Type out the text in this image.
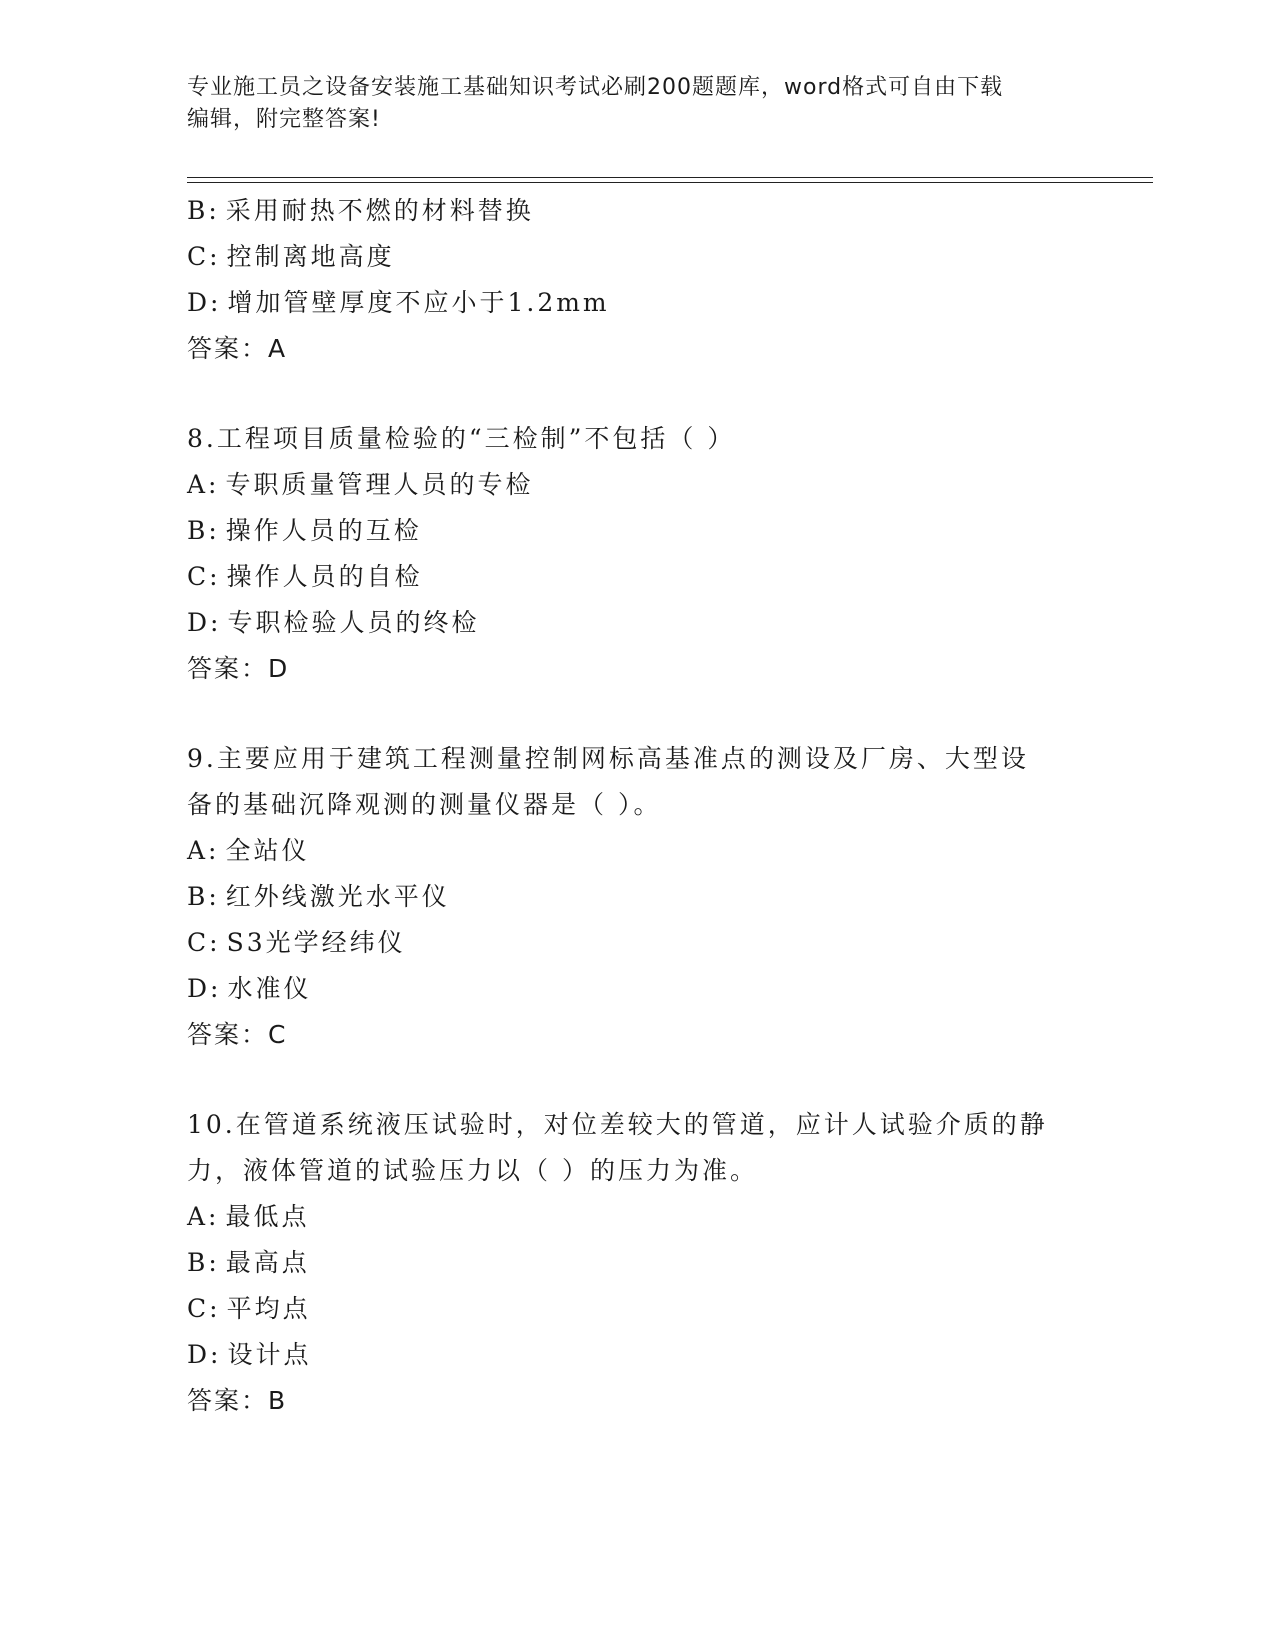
专业施工员之设备安装施工基础知识考试必刷200题题库，word格式可自由下载
编辑，附完整答案!
B: 采用耐热不燃的材料替换
C: 控制离地高度
D: 增加管壁厚度不应小于1.2mm
答案：A
8.工程项目质量检验的“三检制”不包括（ ）
A: 专职质量管理人员的专检
B: 操作人员的互检
C: 操作人员的自检
D: 专职检验人员的终检
答案：D
9.主要应用于建筑工程测量控制网标高基准点的测设及厂房、大型设
备的基础沉降观测的测量仪器是（ ）。
A: 全站仪
B: 红外线激光水平仪
C: S3光学经纬仪
D: 水准仪
答案：C
10.在管道系统液压试验时，对位差较大的管道，应计人试验介质的静
力，液体管道的试验压力以（ ）的压力为准。
A: 最低点
B: 最高点
C: 平均点
D: 设计点
答案：B
